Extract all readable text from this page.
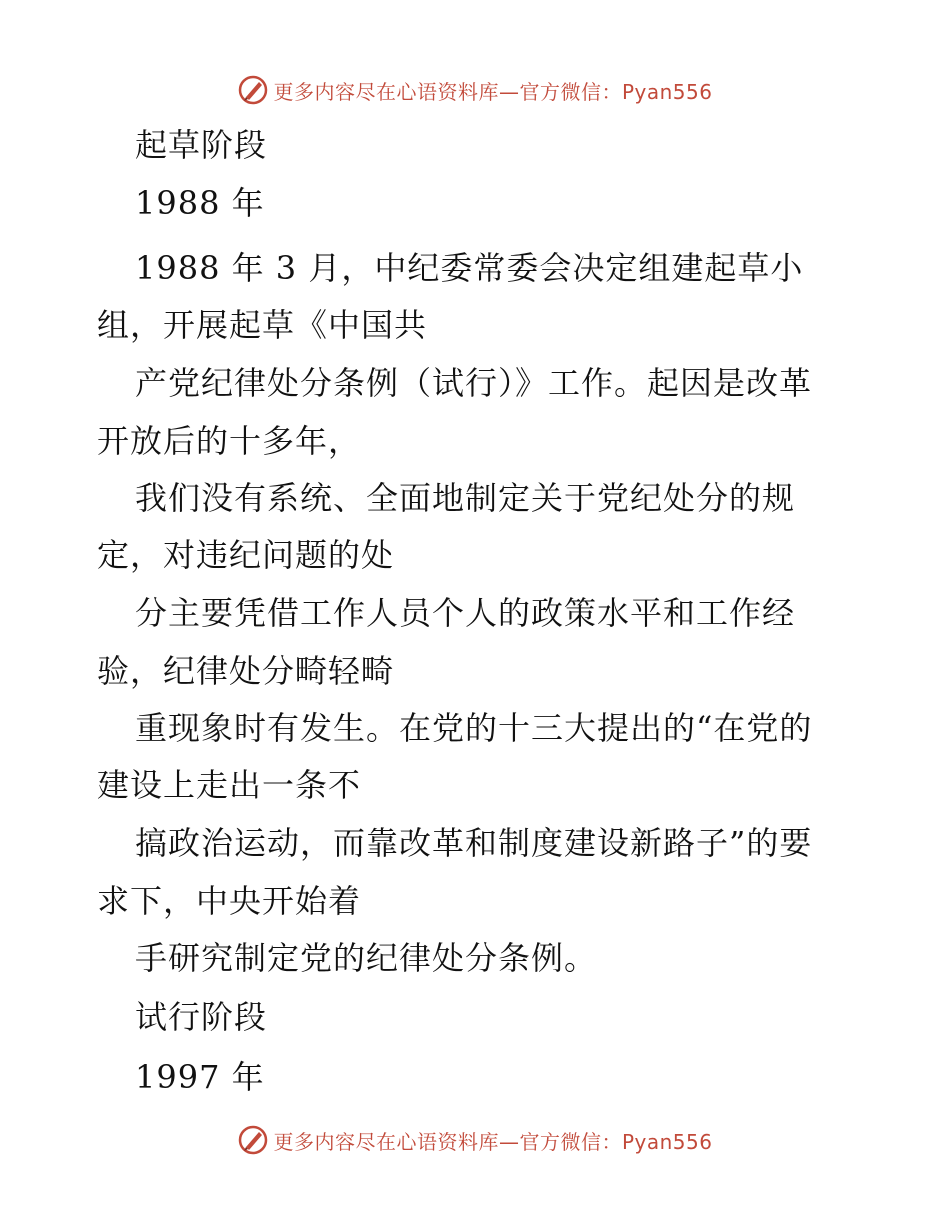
更多内容尽在心语资料库—官方微信：Pyan556
起草阶段
1988 年
1988 年 3 月，中纪委常委会决定组建起草小
组，开展起草《中国共
产党纪律处分条例（试行）》工作。起因是改革
开放后的十多年，
我们没有系统、全面地制定关于党纪处分的规
定，对违纪问题的处
分主要凭借工作人员个人的政策水平和工作经
验，纪律处分畸轻畸
重现象时有发生。在党的十三大提出的“在党的
建设上走出一条不
搞政治运动，而靠改革和制度建设新路子”的要
求下，中央开始着
手研究制定党的纪律处分条例。
试行阶段
1997 年
更多内容尽在心语资料库—官方微信：Pyan556
